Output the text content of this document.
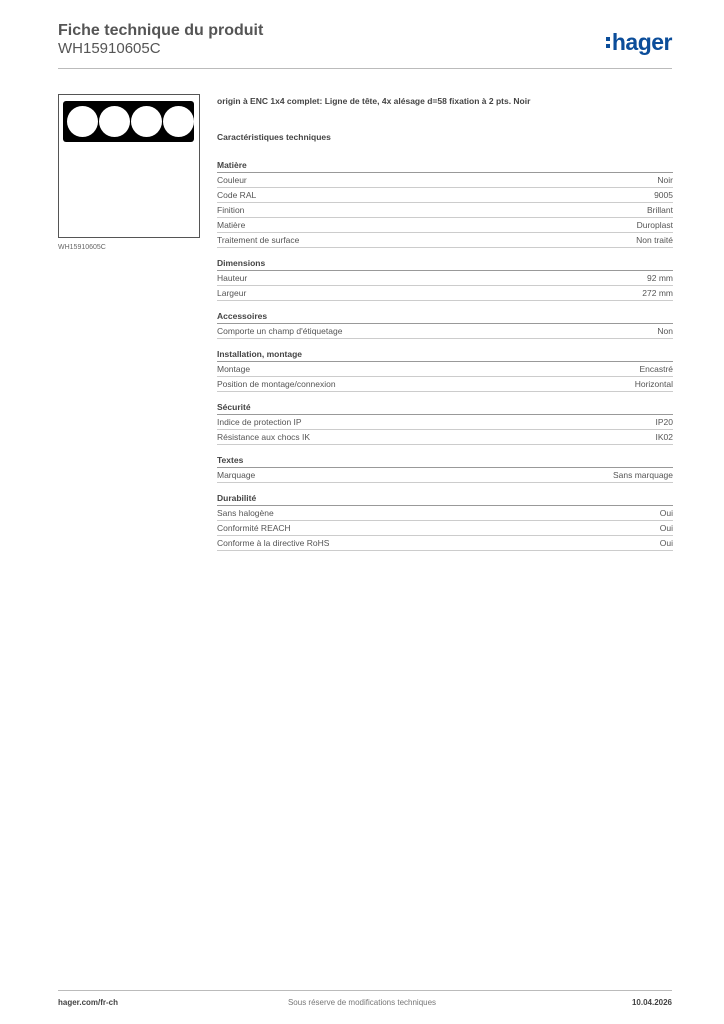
Fiche technique du produit
WH15910605C	hager
WH15910605C
origin à ENC 1x4 complet: Ligne de tête, 4x alésage d=58 fixation à 2 pts. Noir
Caractéristiques techniques
Matière
Couleur	Noir
Code RAL	9005
Finition	Brillant
Matière	Duroplast
Traitement de surface	Non traité
Dimensions
Hauteur	92 mm
Largeur	272 mm
Accessoires
Comporte un champ d'étiquetage	Non
Installation, montage
Montage	Encastré
Position de montage/connexion	Horizontal
Sécurité
Indice de protection IP	IP20
Résistance aux chocs IK	IK02
Textes
Marquage	Sans marquage
Durabilité
Sans halogène	Oui
Conformité REACH	Oui
Conforme à la directive RoHS	Oui
hager.com/fr-ch	Sous réserve de modifications techniques	10.04.2026
